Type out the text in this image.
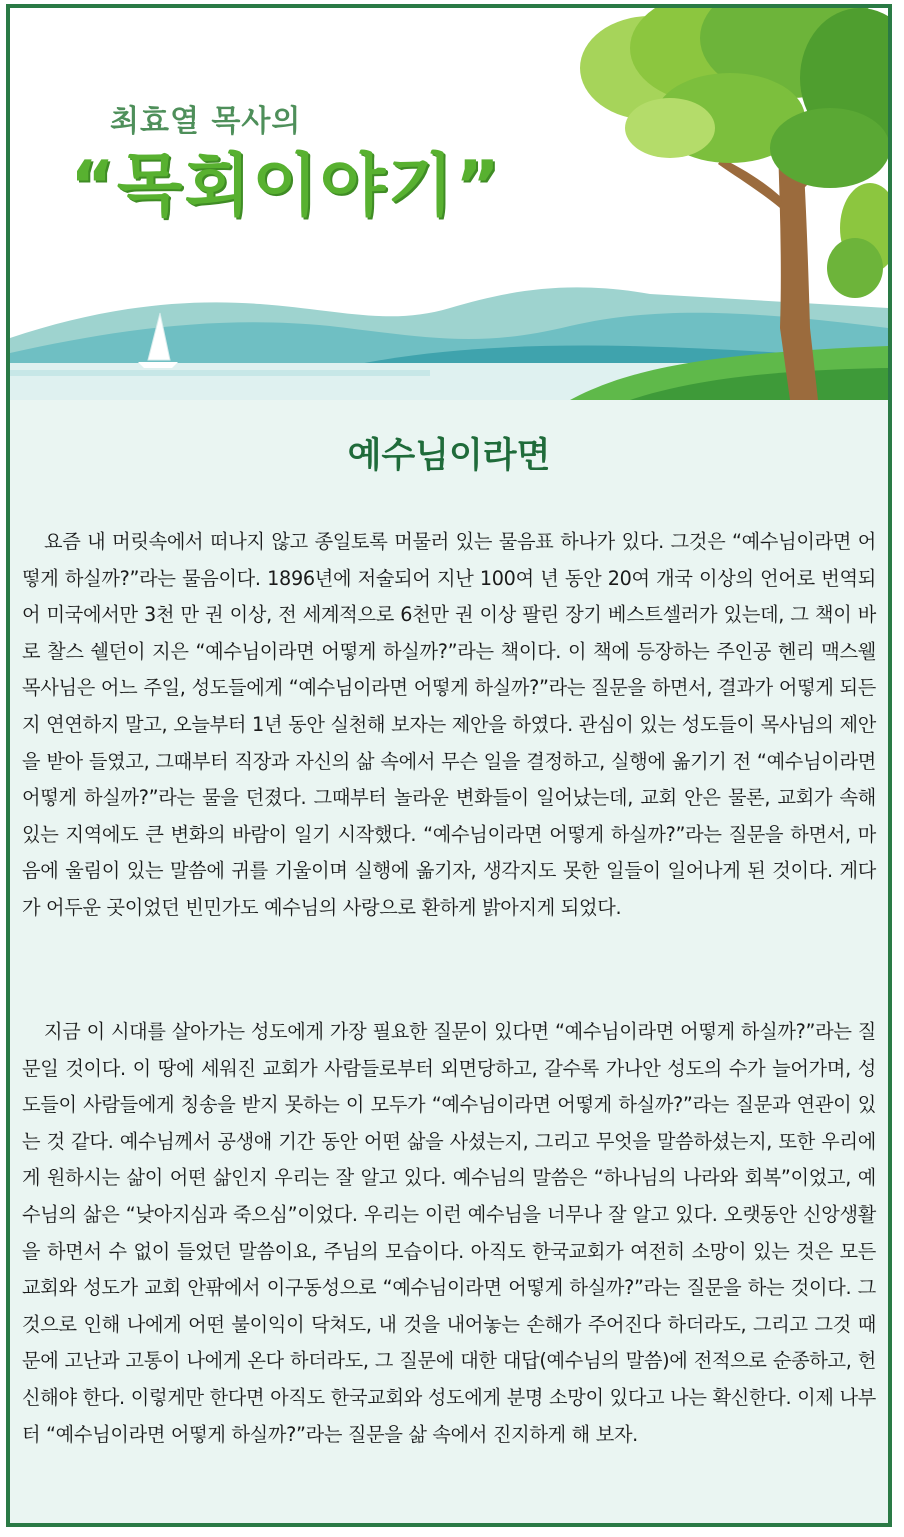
최효열 목사의
“목회이야기”
예수님이라면
요즘 내 머릿속에서 떠나지 않고 종일토록 머물러 있는 물음표 하나가 있다. 그것은 “예수님이라면 어떻게 하실까?”라는 물음이다. 1896년에 저술되어 지난 100여 년 동안 20여 개국 이상의 언어로 번역되어 미국에서만 3천 만 권 이상, 전 세계적으로 6천만 권 이상 팔린 장기 베스트셀러가 있는데, 그 책이 바로 찰스 쉘던이 지은 “예수님이라면 어떻게 하실까?”라는 책이다. 이 책에 등장하는 주인공 헨리 맥스웰 목사님은 어느 주일, 성도들에게 “예수님이라면 어떻게 하실까?”라는 질문을 하면서, 결과가 어떻게 되든지 연연하지 말고, 오늘부터 1년 동안 실천해 보자는 제안을 하였다. 관심이 있는 성도들이 목사님의 제안을 받아 들였고, 그때부터 직장과 자신의 삶 속에서 무슨 일을 결정하고, 실행에 옮기기 전 “예수님이라면 어떻게 하실까?”라는 물을 던졌다. 그때부터 놀라운 변화들이 일어났는데, 교회 안은 물론, 교회가 속해 있는 지역에도 큰 변화의 바람이 일기 시작했다. “예수님이라면 어떻게 하실까?”라는 질문을 하면서, 마음에 울림이 있는 말씀에 귀를 기울이며 실행에 옮기자, 생각지도 못한 일들이 일어나게 된 것이다. 게다가 어두운 곳이었던 빈민가도 예수님의 사랑으로 환하게 밝아지게 되었다.
지금 이 시대를 살아가는 성도에게 가장 필요한 질문이 있다면 “예수님이라면 어떻게 하실까?”라는 질문일 것이다. 이 땅에 세워진 교회가 사람들로부터 외면당하고, 갈수록 가나안 성도의 수가 늘어가며, 성도들이 사람들에게 칭송을 받지 못하는 이 모두가 “예수님이라면 어떻게 하실까?”라는 질문과 연관이 있는 것 같다. 예수님께서 공생애 기간 동안 어떤 삶을 사셨는지, 그리고 무엇을 말씀하셨는지, 또한 우리에게 원하시는 삶이 어떤 삶인지 우리는 잘 알고 있다. 예수님의 말씀은 “하나님의 나라와 회복”이었고, 예수님의 삶은 “낮아지심과 죽으심”이었다. 우리는 이런 예수님을 너무나 잘 알고 있다. 오랫동안 신앙생활을 하면서 수 없이 들었던 말씀이요, 주님의 모습이다. 아직도 한국교회가 여전히 소망이 있는 것은 모든 교회와 성도가 교회 안팎에서 이구동성으로 “예수님이라면 어떻게 하실까?”라는 질문을 하는 것이다. 그것으로 인해 나에게 어떤 불이익이 닥쳐도, 내 것을 내어놓는 손해가 주어진다 하더라도, 그리고 그것 때문에 고난과 고통이 나에게 온다 하더라도, 그 질문에 대한 대답(예수님의 말씀)에 전적으로 순종하고, 헌신해야 한다. 이렇게만 한다면 아직도 한국교회와 성도에게 분명 소망이 있다고 나는 확신한다. 이제 나부터 “예수님이라면 어떻게 하실까?”라는 질문을 삶 속에서 진지하게 해 보자.
